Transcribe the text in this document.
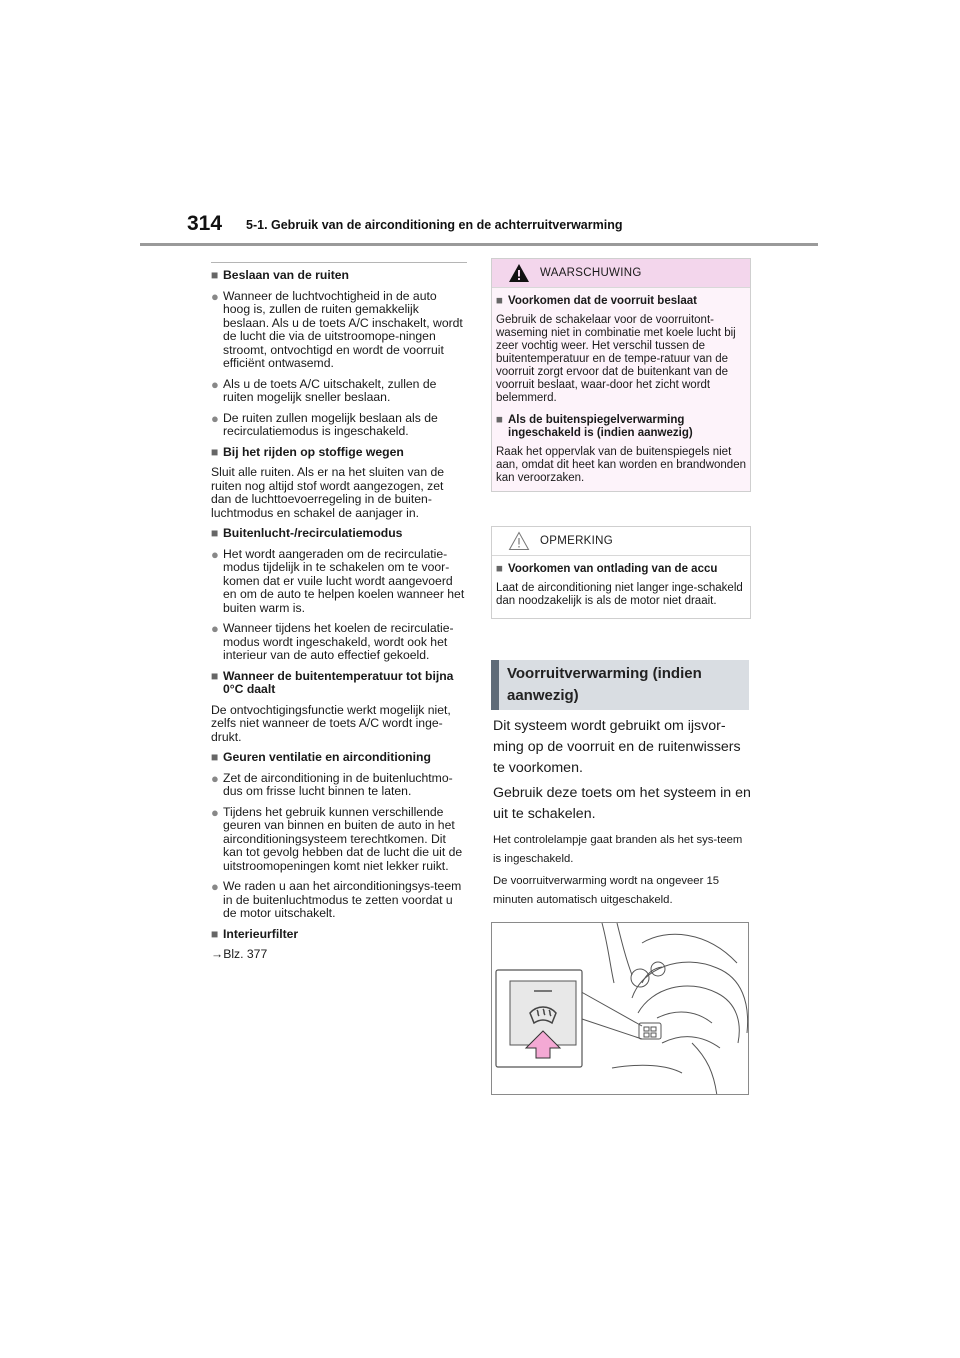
314 5-1. Gebruik van de airconditioning en de achterruitverwarming
■ Beslaan van de ruiten
● Wanneer de luchtvochtigheid in de auto hoog is, zullen de ruiten gemakkelijk beslaan. Als u de toets A/C inschakelt, wordt de lucht die via de uitstroomope-ningen stroomt, ontvochtigd en wordt de voorruit efficiënt ontwasemd.
● Als u de toets A/C uitschakelt, zullen de ruiten mogelijk sneller beslaan.
● De ruiten zullen mogelijk beslaan als de recirculatiemodus is ingeschakeld.
■ Bij het rijden op stoffige wegen
Sluit alle ruiten. Als er na het sluiten van de ruiten nog altijd stof wordt aangezogen, zet dan de luchttoevoerregeling in de buiten-luchtmodus en schakel de aanjager in.
■ Buitenlucht-/recirculatiemodus
● Het wordt aangeraden om de recirculatie-modus tijdelijk in te schakelen om te voor-komen dat er vuile lucht wordt aangevoerd en om de auto te helpen koelen wanneer het buiten warm is.
● Wanneer tijdens het koelen de recirculatie-modus wordt ingeschakeld, wordt ook het interieur van de auto effectief gekoeld.
■ Wanneer de buitentemperatuur tot bijna 0°C daalt
De ontvochtigingsfunctie werkt mogelijk niet, zelfs niet wanneer de toets A/C wordt inge-drukt.
■ Geuren ventilatie en airconditioning
● Zet de airconditioning in de buitenluchtmo-dus om frisse lucht binnen te laten.
● Tijdens het gebruik kunnen verschillende geuren van binnen en buiten de auto in het airconditioningsysteem terechtkomen. Dit kan tot gevolg hebben dat de lucht die uit de uitstroomopeningen komt niet lekker ruikt.
● We raden u aan het airconditioningsys-teem in de buitenluchtmodus te zetten voordat u de motor uitschakelt.
■ Interieurfilter
→Blz. 377
WAARSCHUWING
■ Voorkomen dat de voorruit beslaat
Gebruik de schakelaar voor de voorruitont-waseming niet in combinatie met koele lucht bij zeer vochtig weer. Het verschil tussen de buitentemperatuur en de tempe-ratuur van de voorruit zorgt ervoor dat de buitenkant van de voorruit beslaat, waar-door het zicht wordt belemmerd.
■ Als de buitenspiegelverwarming ingeschakeld is (indien aanwezig)
Raak het oppervlak van de buitenspiegels niet aan, omdat dit heet kan worden en brandwonden kan veroorzaken.
OPMERKING
■ Voorkomen van ontlading van de accu
Laat de airconditioning niet langer inge-schakeld dan noodzakelijk is als de motor niet draait.
Voorruitverwarming (indien aanwezig)

Dit systeem wordt gebruikt om ijsvor-ming op de voorruit en de ruitenwissers te voorkomen.

Gebruik deze toets om het systeem in en uit te schakelen.

Het controlelampje gaat branden als het sys-teem is ingeschakeld.

De voorruitverwarming wordt na ongeveer 15 minuten automatisch uitgeschakeld.
